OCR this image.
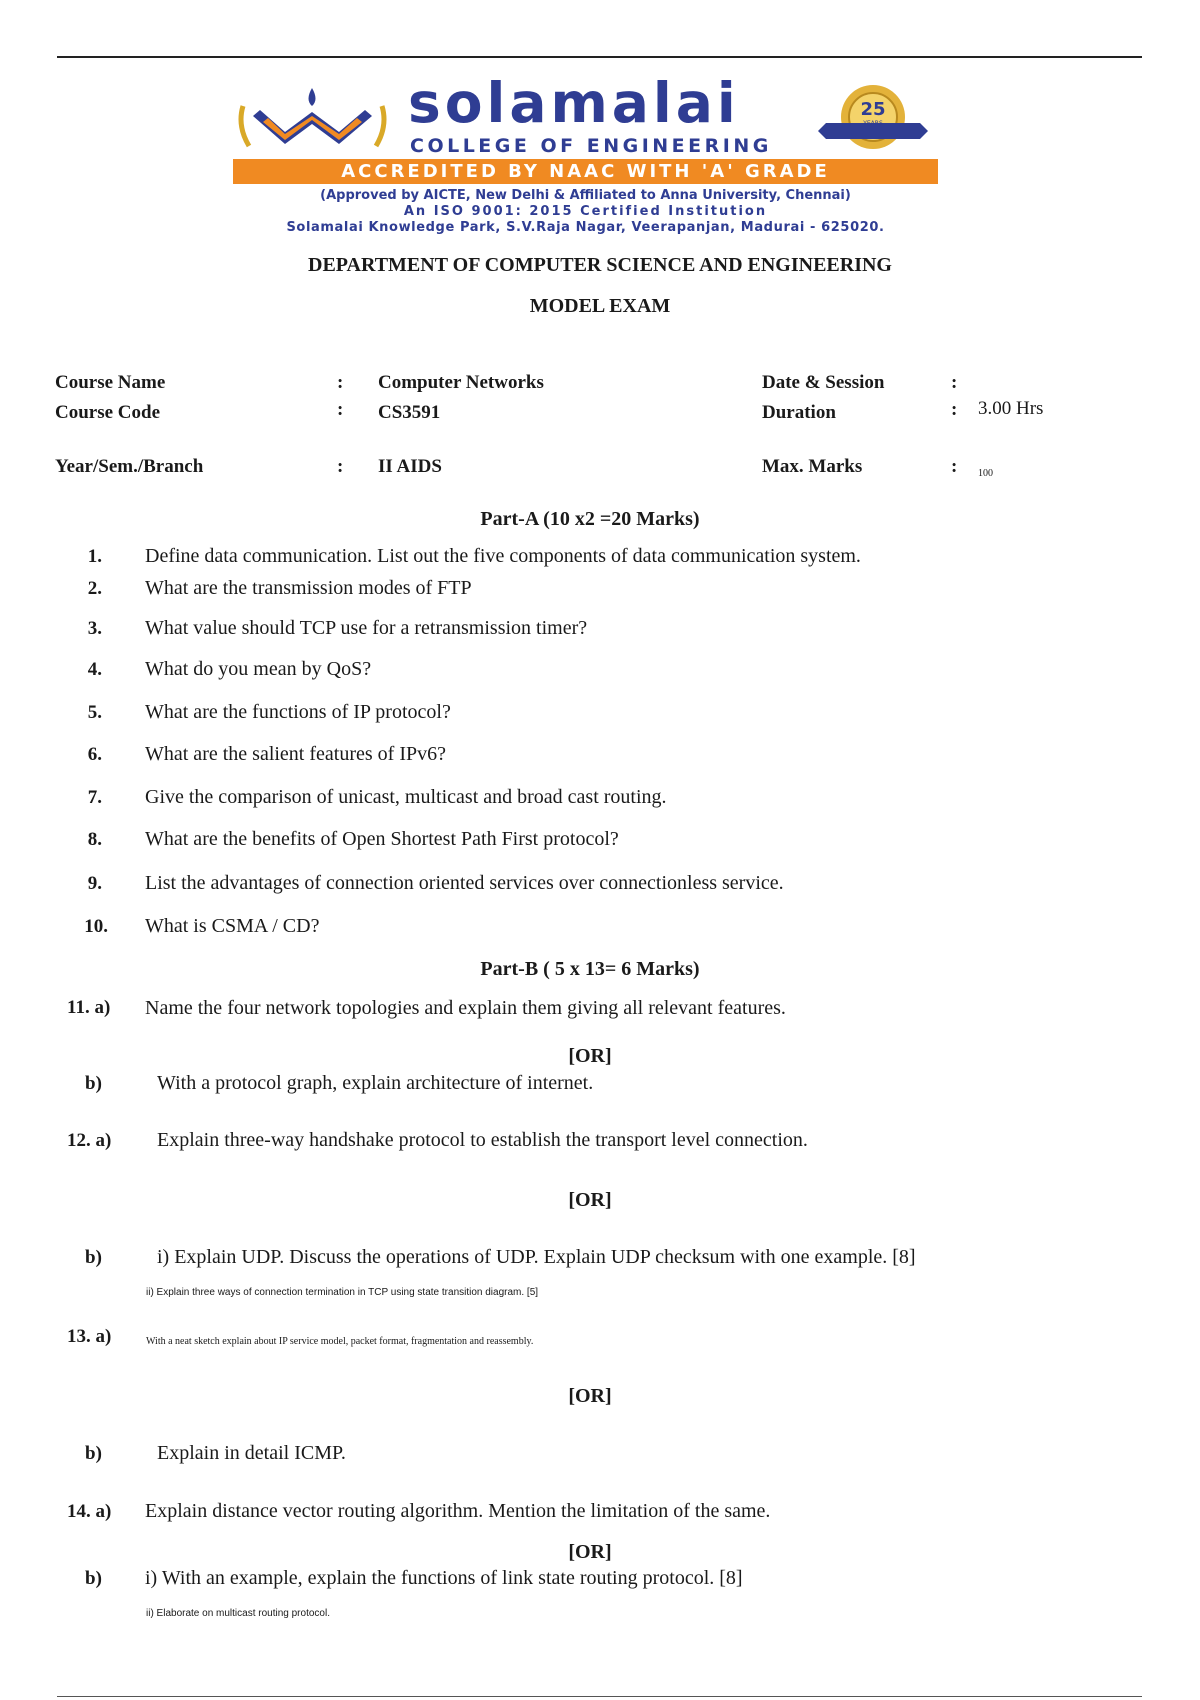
solamalai
COLLEGE OF ENGINEERING
25
YEARS
ACCREDITED BY NAAC WITH 'A' GRADE
(Approved by AICTE, New Delhi & Affiliated to Anna University, Chennai)
An ISO 9001: 2015 Certified Institution
Solamalai Knowledge Park, S.V.Raja Nagar, Veerapanjan, Madurai - 625020.
DEPARTMENT OF COMPUTER SCIENCE AND ENGINEERING
MODEL EXAM
Course Name	: Computer Networks	Date & Session	:
Course Code	: CS3591	Duration	: 3.00 Hrs
Year/Sem./Branch	: II AIDS	Max. Marks	: 100
Part-A (10 x2 =20 Marks)
1. Define data communication. List out the five components of data communication system.
2. What are the transmission modes of FTP
3. What value should TCP use for a retransmission timer?
4. What do you mean by QoS?
5. What are the functions of IP protocol?
6. What are the salient features of IPv6?
7. Give the comparison of unicast, multicast and broad cast routing.
8. What are the benefits of Open Shortest Path First protocol?
9. List the advantages of connection oriented services over connectionless service.
10. What is CSMA / CD?
Part-B ( 5 x 13= 6 Marks)
11. a)	Name the four network topologies and explain them giving all relevant features.
[OR]
b)	With a protocol graph, explain architecture of internet.
12. a)	Explain three-way handshake protocol to establish the transport level connection.
[OR]
b)	i) Explain UDP. Discuss the operations of UDP. Explain UDP checksum with one example. [8]
ii) Explain three ways of connection termination in TCP using state transition diagram. [5]
13. a)	With a neat sketch explain about IP service model, packet format, fragmentation and reassembly.
[OR]
b)	Explain in detail ICMP.
14. a)	Explain distance vector routing algorithm. Mention the limitation of the same.
[OR]
b)	i) With an example, explain the functions of link state routing protocol. [8]
ii) Elaborate on multicast routing protocol.
